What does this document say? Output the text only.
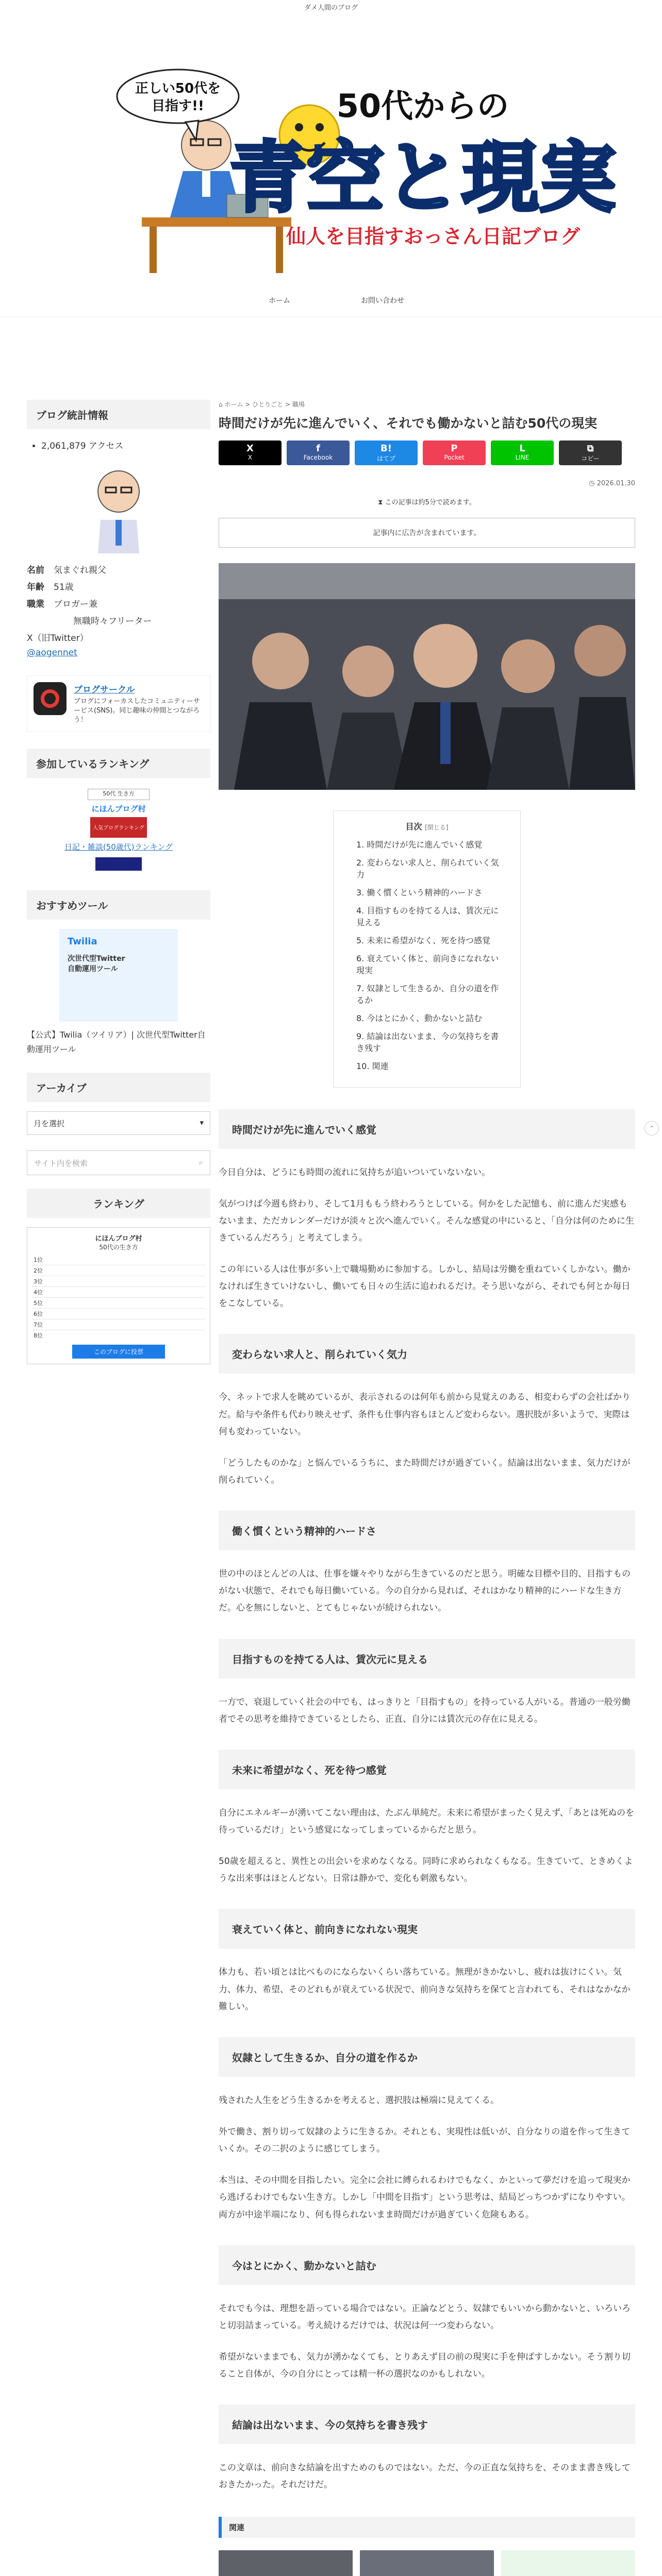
ダメ人間のブログ
正しい50代を
目指す!!	50代からの
青空と現実
仙人を目指すおっさん日記ブログ
ホーム	お問い合わせ
ブログ統計情報
• 2,061,879 アクセス
名前 気まぐれ親父
年齢 51歳
職業 ブロガー兼
無職時々フリーター
X（旧Twitter）
@aogennet
ブログサークル
ブログにフォーカスしたコミュニティーサービス(SNS)。同じ趣味の仲間とつながろう！
参加しているランキング
50代 生き方
にほんブログ村
人気ブログランキング
日記・雑談(50歳代)ランキング
おすすめツール
Twilia
次世代型Twitter
自動運用ツール
【公式】Twilia（ツイリア）| 次世代型Twitter自動運用ツール
アーカイブ
月を選択	▾
サイト内を検索	⌕
ランキング
にほんブログ村
50代の生き方
1位
2位
3位
4位
5位
6位
7位
8位
このブログに投票
⌂ ホーム > ひとりごと > 職場
時間だけが先に進んでいく、それでも働かないと詰む50代の現実
X
X
f
Facebook
B!
はてブ
P
Pocket
L
LINE
⧉
コピー
◷ 2026.01.30
⧗ この記事は約5分で読めます。
記事内に広告が含まれています。
目次 [閉じる]
1. 時間だけが先に進んでいく感覚
2. 変わらない求人と、削られていく気力
3. 働く慣くという精神的ハードさ
4. 目指すものを持てる人は、賃次元に見える
5. 未来に希望がなく、死を待つ感覚
6. 衰えていく体と、前向きになれない現実
7. 奴隷として生きるか、自分の道を作るか
8. 今はとにかく、動かないと詰む
9. 結論は出ないまま、今の気持ちを書き残す
10. 関連
時間だけが先に進んでいく感覚

今日自分は、どうにも時間の流れに気持ちが追いついていないない。

気がつけば今週も終わり、そして1月ももう終わろうとしている。何かをした記憶も、前に進んだ実感もないまま、ただカレンダーだけが淡々と次へ進んでいく。そんな感覚の中にいると、「自分は何のために生きているんだろう」と考えてしまう。

この年にいる人は仕事が多い上で職場勤めに参加する。しかし、結局は労働を重ねていくしかない。働かなければ生きていけないし、働いても日々の生活に追われるだけ。そう思いながら、それでも何とか毎日をこなしている。

変わらない求人と、削られていく気力

今、ネットで求人を眺めているが、表示されるのは何年も前から見覚えのある、相変わらずの会社ばかりだ。給与や条件も代わり映えせず、条件も仕事内容もほとんど変わらない。選択肢が多いようで、実際は何も変わっていない。

「どうしたものかな」と悩んでいるうちに、また時間だけが過ぎていく。結論は出ないまま、気力だけが削られていく。

働く慣くという精神的ハードさ

世の中のほとんどの人は、仕事を嫌々やりながら生きているのだと思う。明確な目標や目的、目指すものがない状態で、それでも毎日働いている。今の自分から見れば、それはかなり精神的にハードな生き方だ。心を無にしないと、とてもじゃないが続けられない。

目指すものを持てる人は、賃次元に見える

一方で、衰退していく社会の中でも、はっきりと「目指すもの」を持っている人がいる。普通の一般労働者でその思考を維持できているとしたら、正直、自分には賃次元の存在に見える。

未来に希望がなく、死を待つ感覚

自分にエネルギーが湧いてこない理由は、たぶん単純だ。未来に希望がまったく見えず、「あとは死ぬのを待っているだけ」という感覚になってしまっているからだと思う。

50歳を超えると、異性との出会いを求めなくなる。同時に求められなくもなる。生きていて、ときめくような出来事はほとんどない。日常は静かで、変化も刺激もない。

衰えていく体と、前向きになれない現実

体力も、若い頃とは比べものにならないくらい落ちている。無理がきかないし、疲れは抜けにくい。気力、体力、希望、そのどれもが衰えている状況で、前向きな気持ちを保てと言われても、それはなかなか難しい。

奴隷として生きるか、自分の道を作るか

残された人生をどう生きるかを考えると、選択肢は極端に見えてくる。

外で働き、割り切って奴隷のように生きるか。それとも、実現性は低いが、自分なりの道を作って生きていくか。その二択のように感じてしまう。

本当は、その中間を目指したい。完全に会社に縛られるわけでもなく、かといって夢だけを追って現実から逃げるわけでもない生き方。しかし「中間を目指す」という思考は、結局どっちつかずになりやすい。両方が中途半端になり、何も得られないまま時間だけが過ぎていく危険もある。

今はとにかく、動かないと詰む

それでも今は、理想を語っている場合ではない。正論などとう、奴隷でもいいから動かないと、いろいろと切羽詰まっている。考え続けるだけでは、状況は何一つ変わらない。

希望がないままでも、気力が湧かなくても、とりあえず目の前の現実に手を伸ばすしかない。そう割り切ること自体が、今の自分にとっては精一杯の選択なのかもしれない。

結論は出ないまま、今の気持ちを書き残す

この文章は、前向きな結論を出すためのものではない。ただ、今の正直な気持ちを、そのまま書き残しておきたかった。それだけだ。

関連
^
